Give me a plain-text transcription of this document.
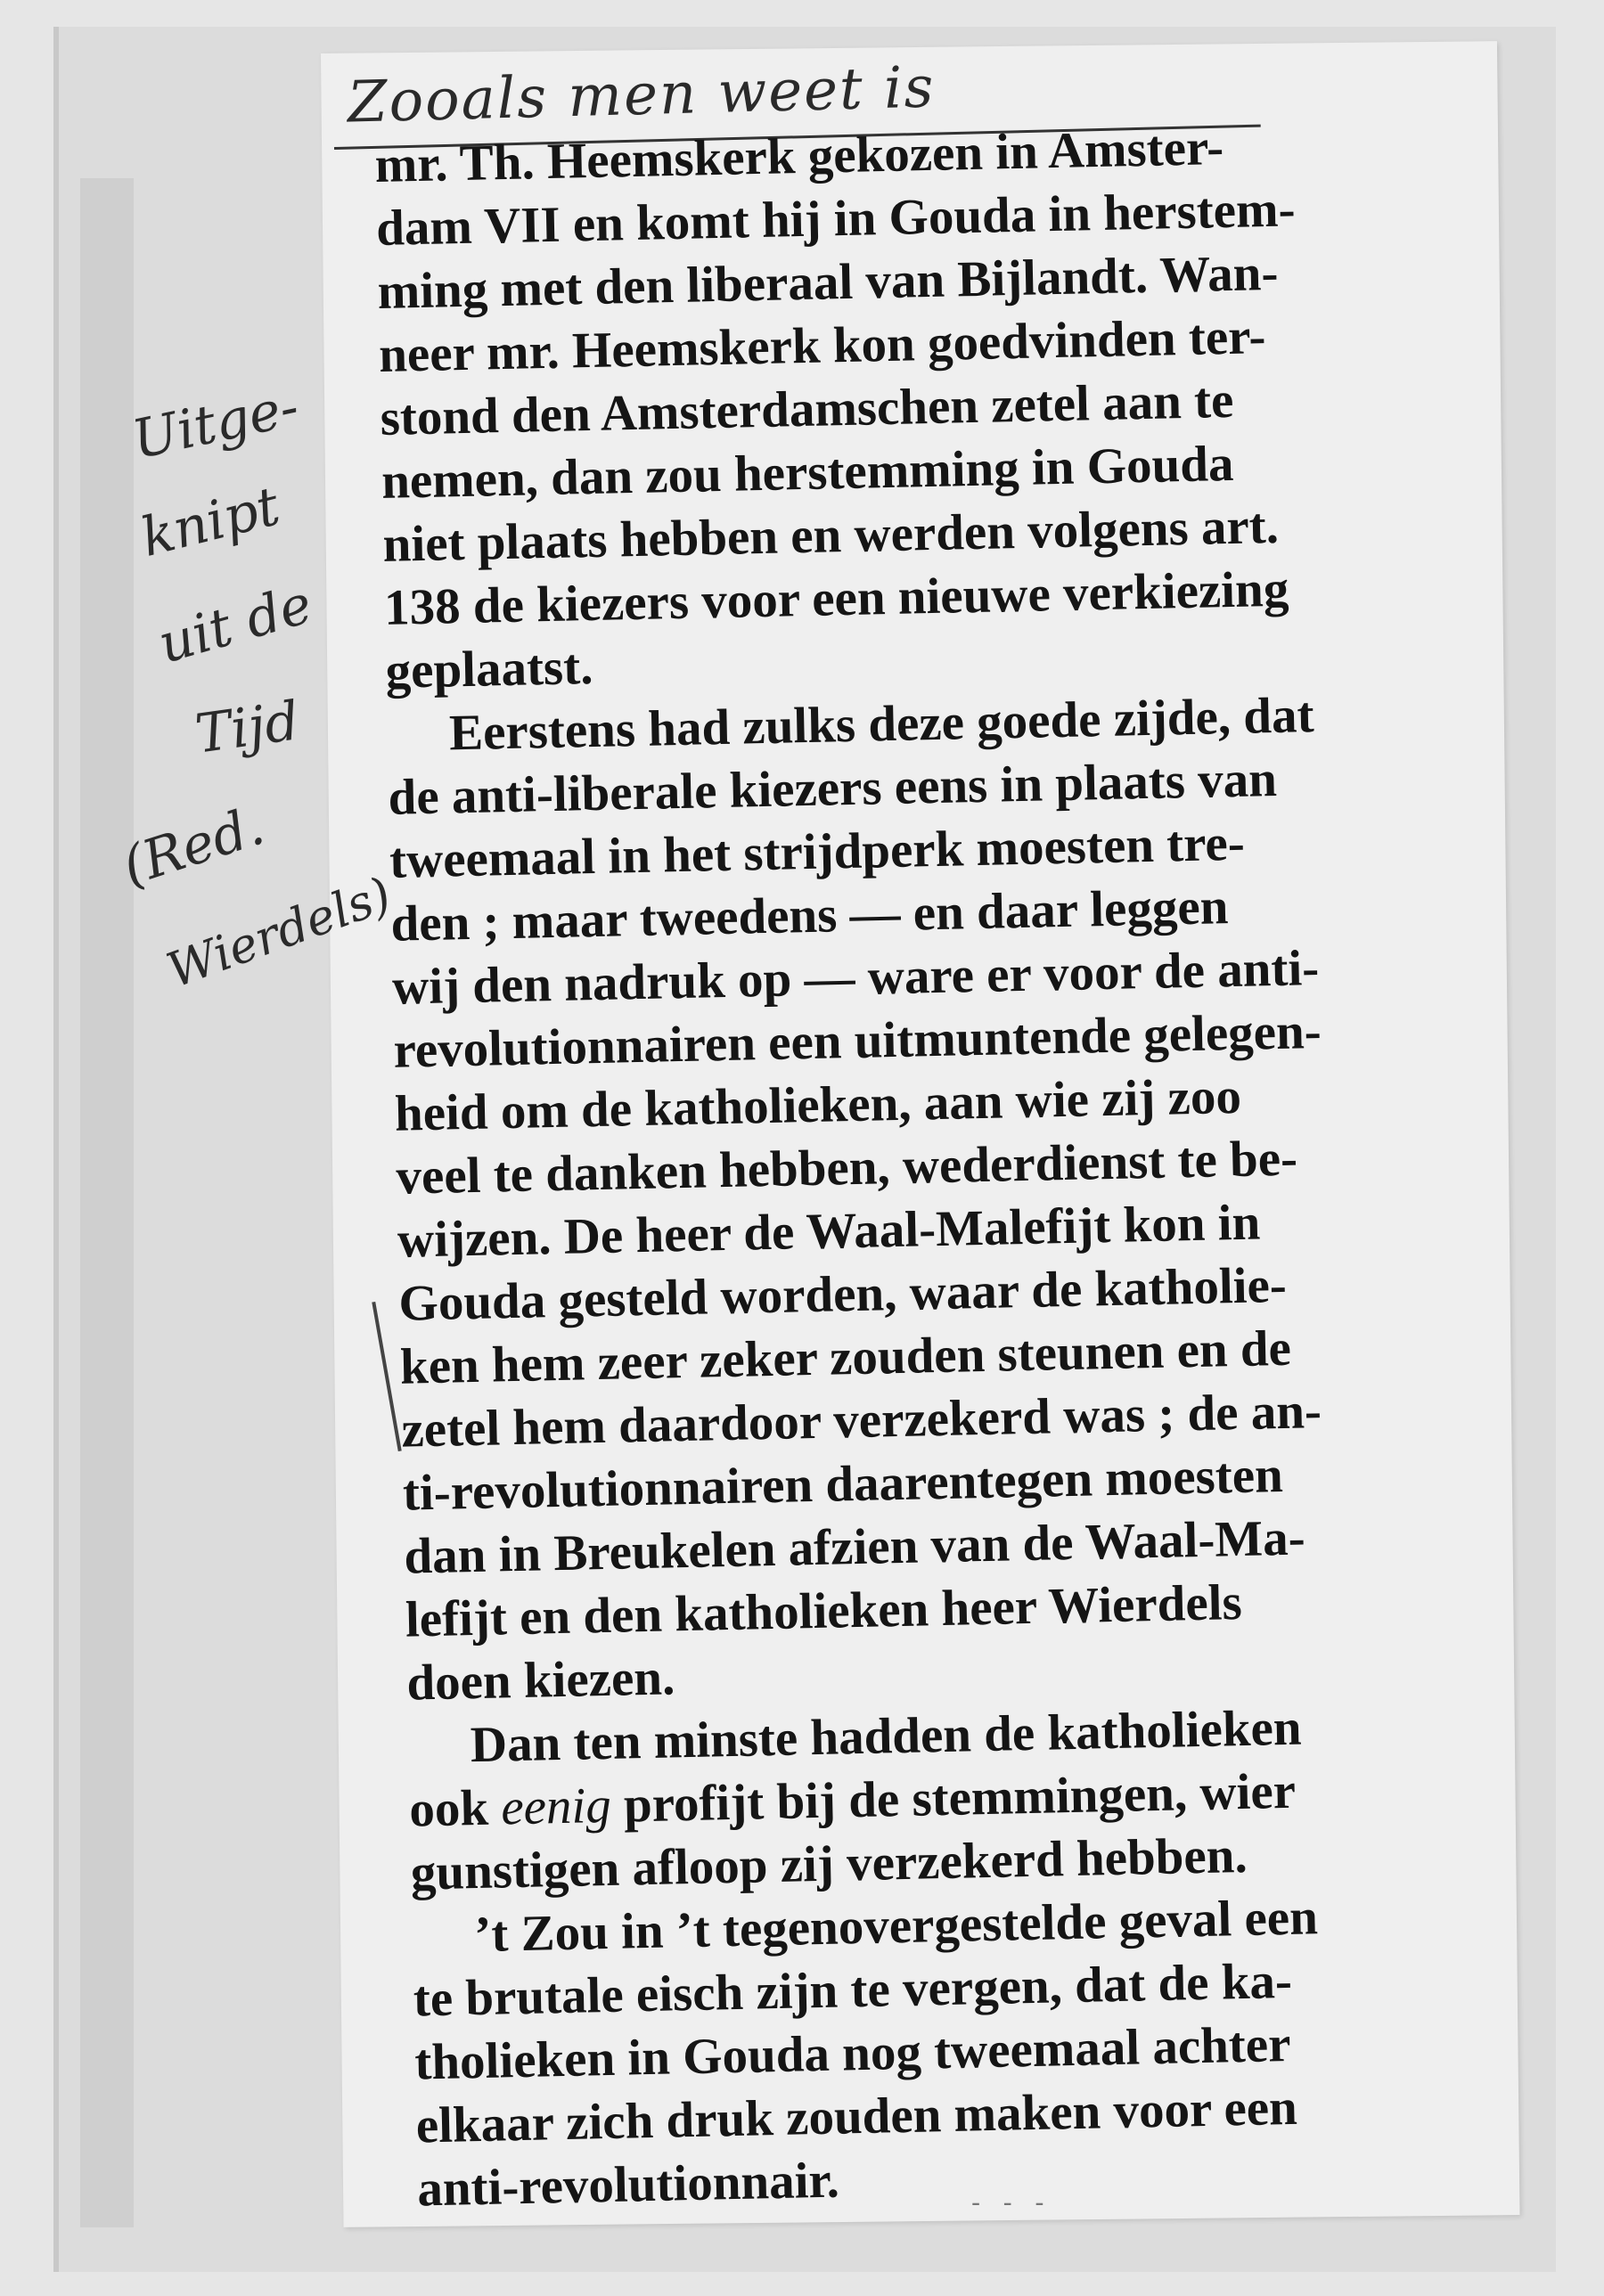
Zooals men weet is

mr. Th. Heemskerk gekozen in Amster-
dam VII en komt hij in Gouda in herstem-
ming met den liberaal van Bijlandt. Wan-
neer mr. Heemskerk kon goedvinden ter-
stond den Amsterdamschen zetel aan te
nemen, dan zou herstemming in Gouda
niet plaats hebben en werden volgens art.
138 de kiezers voor een nieuwe verkiezing
geplaatst.

Eerstens had zulks deze goede zijde, dat
de anti-liberale kiezers eens in plaats van
tweemaal in het strijdperk moesten tre-
den ; maar tweedens — en daar leggen
wij den nadruk op — ware er voor de anti-
revolutionnairen een uitmuntende gelegen-
heid om de katholieken, aan wie zij zoo
veel te danken hebben, wederdienst te be-
wijzen. De heer de Waal-Malefijt kon in
Gouda gesteld worden, waar de katholie-
ken hem zeer zeker zouden steunen en de
zetel hem daardoor verzekerd was ; de an-
ti-revolutionnairen daarentegen moesten
dan in Breukelen afzien van de Waal-Ma-
lefijt en den katholieken heer Wierdels
doen kiezen.

Dan ten minste hadden de katholieken
ook eenig profijt bij de stemmingen, wier
gunstigen afloop zij verzekerd hebben.

’t Zou in ’t tegenovergestelde geval een
te brutale eisch zijn te vergen, dat de ka-
tholieken in Gouda nog tweemaal achter
elkaar zich druk zouden maken voor een
anti-revolutionnair.

Uitge-
knipt
uit de
Tijd
(Red.
Wierdels)
- - -
